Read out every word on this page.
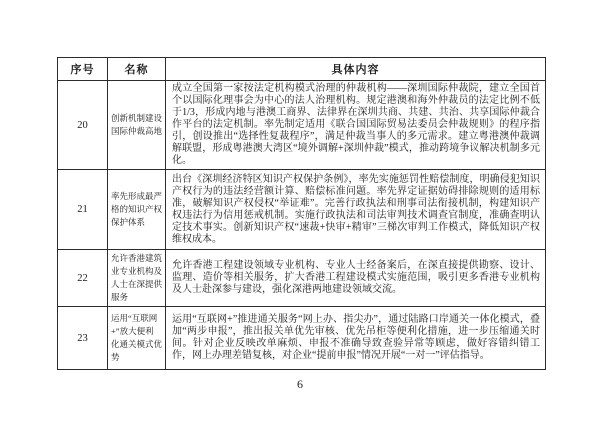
序号	名称	具体内容
20	创新机制建设国际仲裁高地	成立全国第一家按法定机构模式治理的仲裁机构——深圳国际仲裁院，建立全国首个以国际化理事会为中心的法人治理机构。规定港澳和海外仲裁员的法定比例不低于1/3，形成内地与港澳工商界、法律界在深圳共商、共建、共治、共享国际仲裁合作平台的法定机制。率先制定适用《联合国国际贸易法委员会仲裁规则》的程序指引，创设推出“选择性复裁程序”，满足仲裁当事人的多元需求。建立粤港澳仲裁调解联盟，形成粤港澳大湾区“境外调解+深圳仲裁”模式，推动跨境争议解决机制多元化。
21	率先形成最严格的知识产权保护体系	出台《深圳经济特区知识产权保护条例》，率先实施惩罚性赔偿制度，明确侵犯知识产权行为的违法经营额计算、赔偿标准问题。率先界定证据妨碍排除规则的适用标准，破解知识产权侵权“举证难”。完善行政执法和刑事司法衔接机制，构建知识产权违法行为信用惩戒机制。实施行政执法和司法审判技术调查官制度，准确查明认定技术事实。创新知识产权“速裁+快审+精审”三梯次审判工作模式，降低知识产权维权成本。
22	允许香港建筑业专业机构及人士在深提供服务	允许香港工程建设领域专业机构、专业人士经备案后，在深直接提供勘察、设计、监理、造价等相关服务，扩大香港工程建设模式实施范围，吸引更多香港专业机构及人士赴深参与建设，强化深港两地建设领域交流。
23	运用“互联网+”放大便利化通关模式优势	运用“互联网+”推进通关服务“网上办、指尖办”，通过陆路口岸通关一体化模式，叠加“两步申报”，推出报关单优先审核、优先吊柜等便利化措施，进一步压缩通关时间。针对企业反映改单麻烦、申报不准确导致查验异常等顾虑，做好容错纠错工作，网上办理差错复核，对企业“提前申报”情况开展“一对一”评估指导。
6
